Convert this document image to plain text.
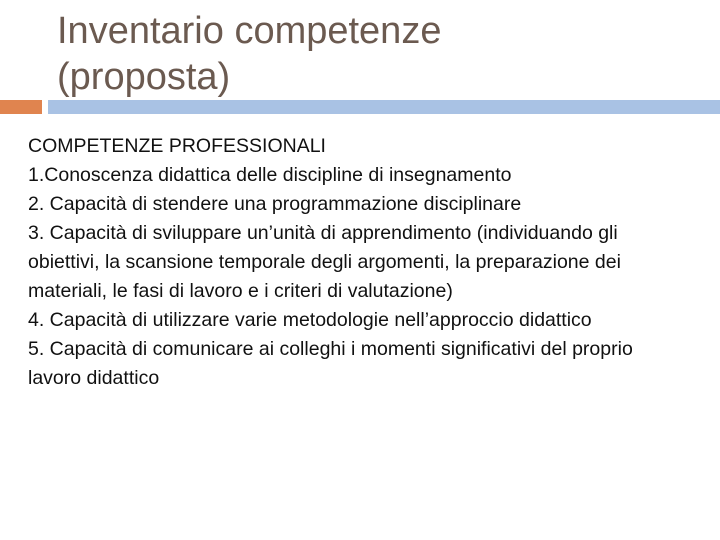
Inventario competenze
(proposta)
COMPETENZE PROFESSIONALI
1.Conoscenza didattica delle discipline di insegnamento
2. Capacità di stendere una programmazione disciplinare
3. Capacità di sviluppare un’unità di apprendimento (individuando gli obiettivi, la scansione temporale degli argomenti, la preparazione dei materiali, le fasi di lavoro e i criteri di valutazione)
4. Capacità di utilizzare varie metodologie nell’approccio didattico
5. Capacità di comunicare ai colleghi i momenti significativi del proprio lavoro didattico
